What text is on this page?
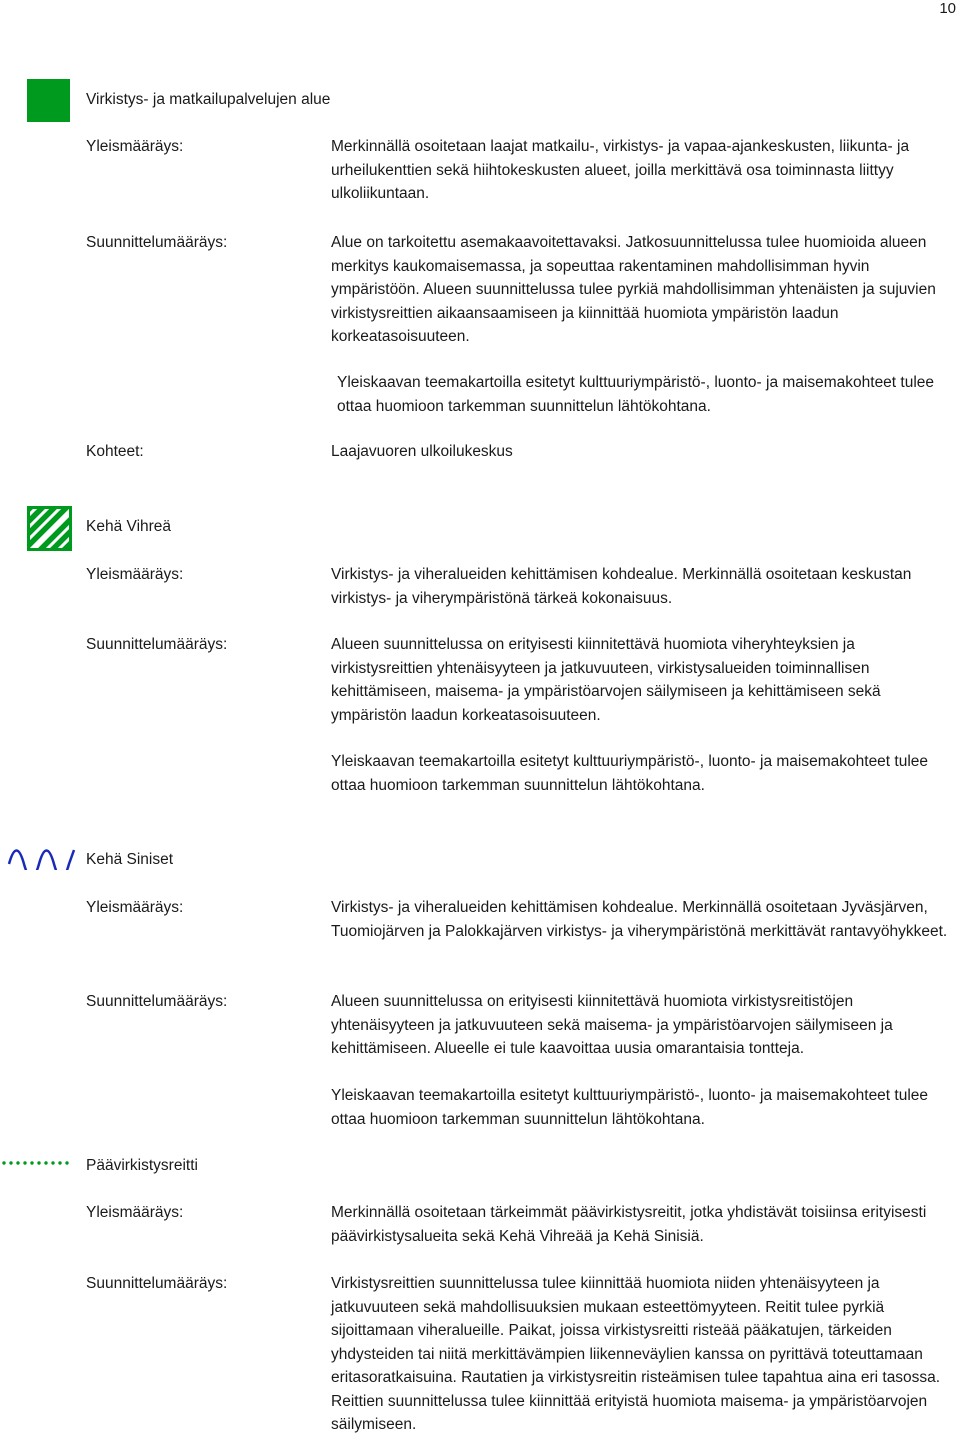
10
Virkistys- ja matkailupalvelujen alue
Yleismääräys:	Merkinnällä osoitetaan laajat matkailu-, virkistys- ja vapaa-ajankeskusten, liikunta- ja urheilukenttien sekä hiihtokeskusten alueet, joilla merkittävä osa toiminnasta liittyy ulkoliikuntaan.

Suunnittelumääräys:	Alue on tarkoitettu asemakaavoitettavaksi. Jatkosuunnittelussa tulee huomioida alueen merkitys kaukomaisemassa, ja sopeuttaa rakentaminen mahdollisimman hyvin ympäristöön. Alueen suunnittelussa tulee pyrkiä mahdollisimman yhtenäisten ja sujuvien virkistysreittien aikaansaamiseen ja kiinnittää huomiota ympäristön laadun korkeatasoisuuteen.

Yleiskaavan teemakartoilla esitetyt kulttuuriympäristö-, luonto- ja maisemakohteet tulee ottaa huomioon tarkemman suunnittelun lähtökohtana.

Kohteet:	Laajavuoren ulkoilukeskus

Kehä Vihreä
Yleismääräys:	Virkistys- ja viheralueiden kehittämisen kohdealue. Merkinnällä osoitetaan keskustan virkistys- ja viherympäristönä tärkeä kokonaisuus.

Suunnittelumääräys:	Alueen suunnittelussa on erityisesti kiinnitettävä huomiota viheryhteyksien ja virkistysreittien yhtenäisyyteen ja jatkuvuuteen, virkistysalueiden toiminnallisen kehittämiseen, maisema- ja ympäristöarvojen säilymiseen ja kehittämiseen sekä ympäristön laadun korkeatasoisuuteen.

Yleiskaavan teemakartoilla esitetyt kulttuuriympäristö-, luonto- ja maisemakohteet tulee ottaa huomioon tarkemman suunnittelun lähtökohtana.

Kehä Siniset
Yleismääräys:	Virkistys- ja viheralueiden kehittämisen kohdealue. Merkinnällä osoitetaan Jyväsjärven, Tuomiojärven ja Palokkajärven virkistys- ja viherympäristönä merkittävät rantavyöhykkeet.

Suunnittelumääräys:	Alueen suunnittelussa on erityisesti kiinnitettävä huomiota virkistysreitistöjen yhtenäisyyteen ja jatkuvuuteen sekä maisema- ja ympäristöarvojen säilymiseen ja kehittämiseen. Alueelle ei tule kaavoittaa uusia omarantaisia tontteja.

Yleiskaavan teemakartoilla esitetyt kulttuuriympäristö-, luonto- ja maisemakohteet tulee ottaa huomioon tarkemman suunnittelun lähtökohtana.

Päävirkistysreitti
Yleismääräys:	Merkinnällä osoitetaan tärkeimmät päävirkistysreitit, jotka yhdistävät toisiinsa erityisesti päävirkistysalueita sekä Kehä Vihreää ja Kehä Sinisiä.

Suunnittelumääräys:	Virkistysreittien suunnittelussa tulee kiinnittää huomiota niiden yhtenäisyyteen ja jatkuvuuteen sekä mahdollisuuksien mukaan esteettömyyteen. Reitit tulee pyrkiä sijoittamaan viheralueille. Paikat, joissa virkistysreitti risteää pääkatujen, tärkeiden yhdysteiden tai niitä merkittävämpien liikenneväylien kanssa on pyrittävä toteuttamaan eritasoratkaisuina. Rautatien ja virkistysreitin risteämisen tulee tapahtua aina eri tasossa. Reittien suunnittelussa tulee kiinnittää erityistä huomiota maisema- ja ympäristöarvojen säilymiseen.
